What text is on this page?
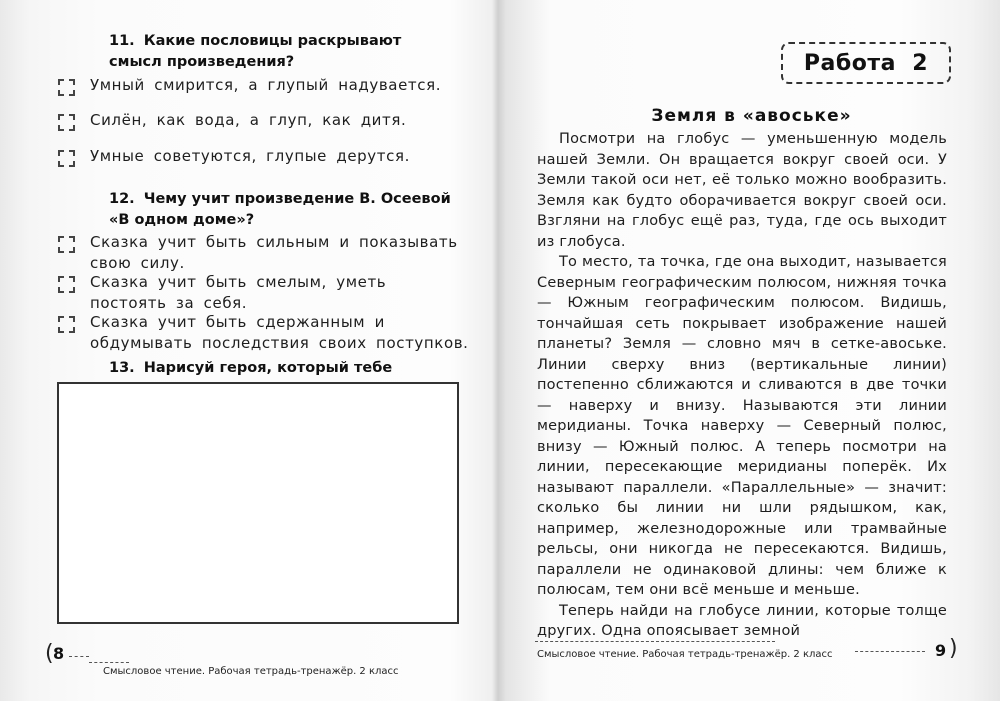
11. Какие пословицы раскрывают смысл произведения?
Умный смирится, а глупый надувается.
Силён, как вода, а глуп, как дитя.
Умные советуются, глупые дерутся.
12. Чему учит произведение В. Осеевой «В одном доме»?
Сказка учит быть сильным и показывать свою силу.
Сказка учит быть смелым, уметь постоять за себя.
Сказка учит быть сдержанным и обдумывать последствия своих поступков.
13. Нарисуй героя, который тебе
( 8
Смысловое чтение. Рабочая тетрадь-тренажёр. 2 класс
Работа  2
Земля в «авоське»

Посмотри на глобус — уменьшенную модель нашей Земли. Он вращается вокруг своей оси. У Земли такой оси нет, её только можно вообразить. Земля как будто оборачивается вокруг своей оси. Взгляни на глобус ещё раз, туда, где ось выходит из глобуса.

То место, та точка, где она выходит, называется Северным географическим полюсом, нижняя точка — Южным географическим полюсом. Видишь, тончайшая сеть покрывает изображение нашей планеты? Земля — словно мяч в сетке-авоське. Линии сверху вниз (вертикальные линии) постепенно сближаются и сливаются в две точки — наверху и внизу. Называются эти линии меридианы. Точка наверху — Северный полюс, внизу — Южный полюс. А теперь посмотри на линии, пересекающие меридианы поперёк. Их называют параллели. «Параллельные» — значит: сколько бы линии ни шли рядышком, как, например, железнодорожные или трамвайные рельсы, они никогда не пересекаются. Видишь, параллели не одинаковой длины: чем ближе к полюсам, тем они всё меньше и меньше.

Теперь найди на глобусе линии, которые толще других. Одна опоясывает земной

Смысловое чтение. Рабочая тетрадь-тренажёр. 2 класс	9 )
